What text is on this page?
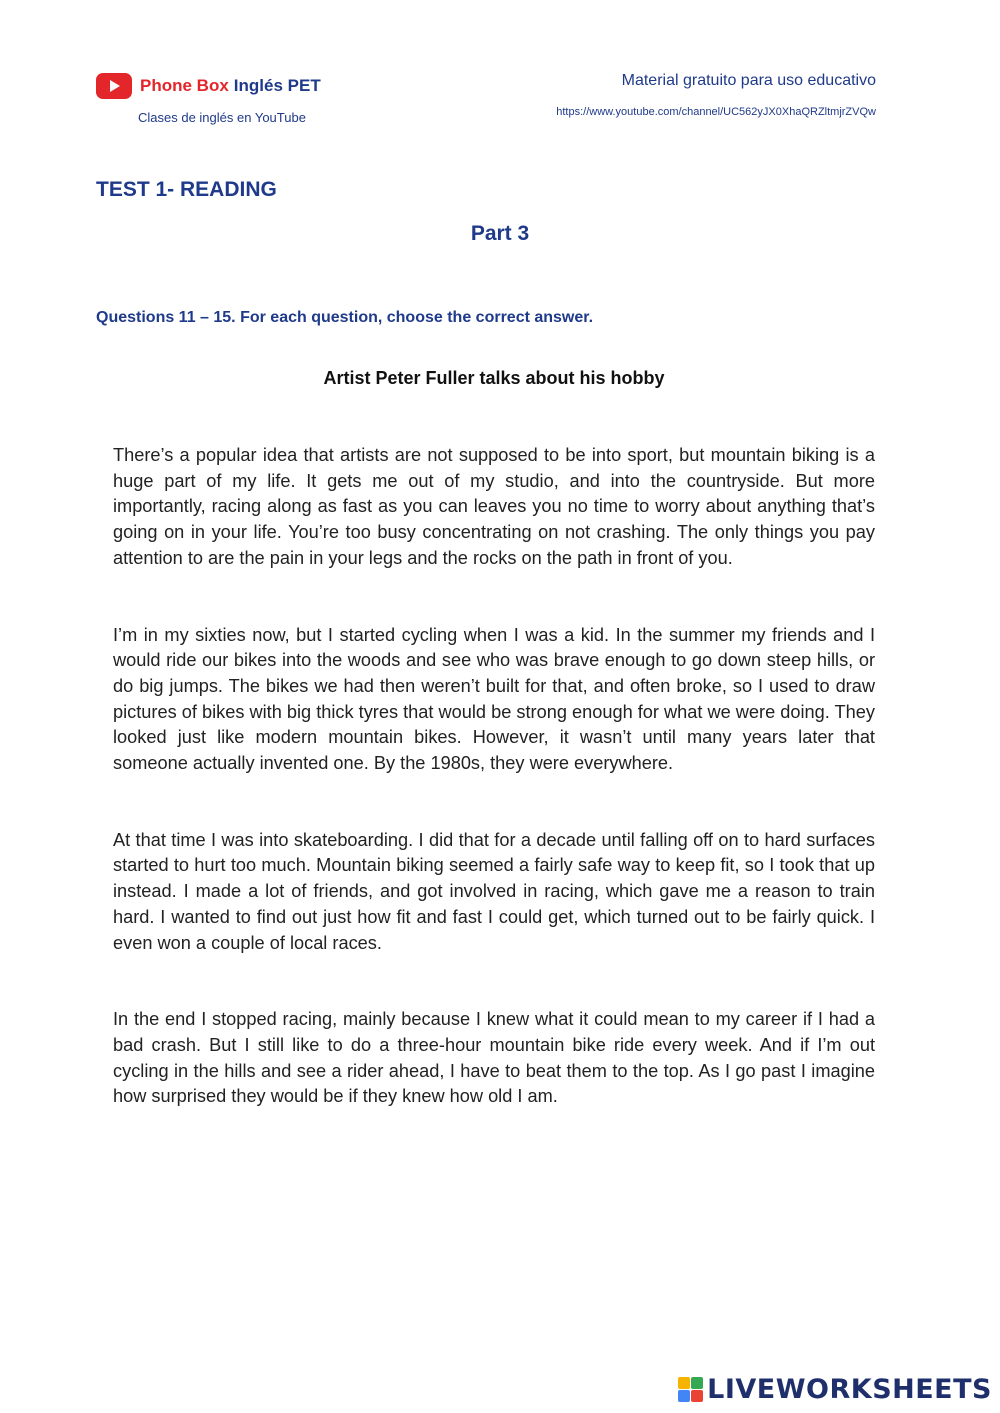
Phone Box Inglés PET
Clases de inglés en YouTube
Material gratuito para uso educativo
https://www.youtube.com/channel/UC562yJX0XhaQRZltmjrZVQw
TEST 1- READING
Part 3
Questions 11 – 15. For each question, choose the correct answer.
Artist Peter Fuller talks about his hobby

There’s a popular idea that artists are not supposed to be into sport, but mountain biking is a huge part of my life. It gets me out of my studio, and into the countryside. But more importantly, racing along as fast as you can leaves you no time to worry about anything that’s going on in your life. You’re too busy concentrating on not crashing. The only things you pay attention to are the pain in your legs and the rocks on the path in front of you.

I’m in my sixties now, but I started cycling when I was a kid. In the summer my friends and I would ride our bikes into the woods and see who was brave enough to go down steep hills, or do big jumps. The bikes we had then weren’t built for that, and often broke, so I used to draw pictures of bikes with big thick tyres that would be strong enough for what we were doing. They looked just like modern mountain bikes. However, it wasn’t until many years later that someone actually invented one. By the 1980s, they were everywhere.

At that time I was into skateboarding. I did that for a decade until falling off on to hard surfaces started to hurt too much. Mountain biking seemed a fairly safe way to keep fit, so I took that up instead. I made a lot of friends, and got involved in racing, which gave me a reason to train hard. I wanted to find out just how fit and fast I could get, which turned out to be fairly quick. I even won a couple of local races.

In the end I stopped racing, mainly because I knew what it could mean to my career if I had a bad crash. But I still like to do a three-hour mountain bike ride every week. And if I’m out cycling in the hills and see a rider ahead, I have to beat them to the top. As I go past I imagine how surprised they would be if they knew how old I am.

LIVEWORKSHEETS
